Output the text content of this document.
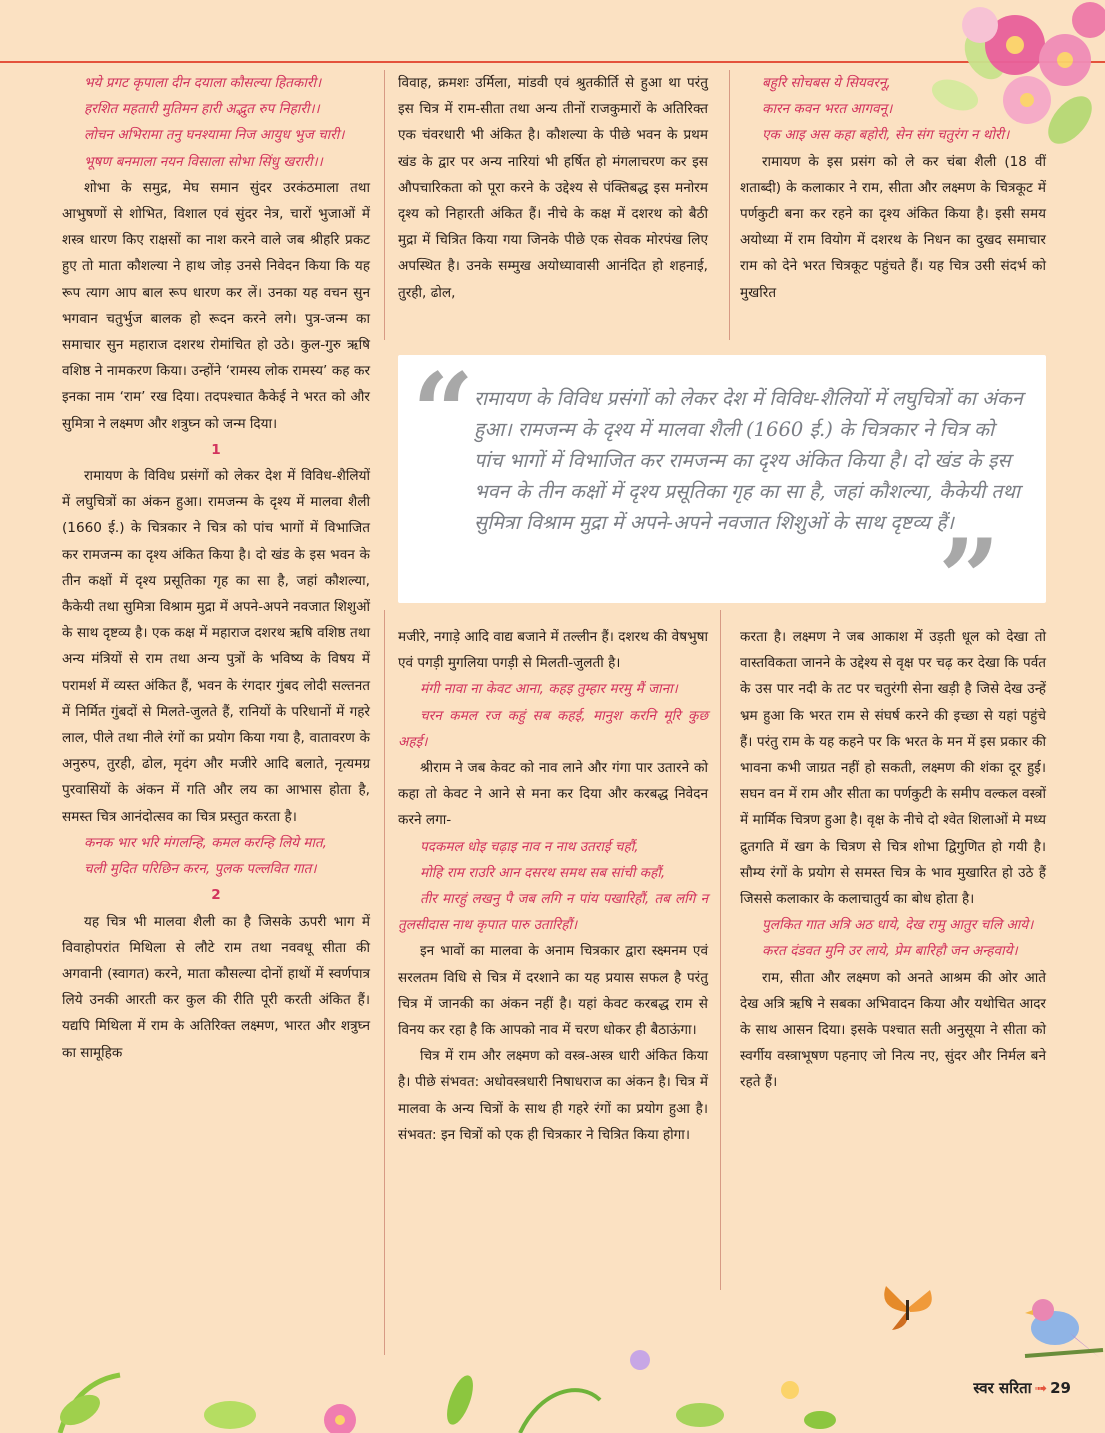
भये प्रगट कृपाला दीन दयाला कौसल्या हितकारी।

हरशित महतारी मुतिमन हारी अद्भुत रुप निहारी।।

लोचन अभिरामा तनु घनश्यामा निज आयुध भुज चारी।

भूषण बनमाला नयन विसाला सोभा सिंधु खरारी।।

शोभा के समुद्र, मेघ समान सुंदर उरकंठमाला तथा आभुषणों से शोभित, विशाल एवं सुंदर नेत्र, चारों भुजाओं में शस्त्र धारण किए राक्षसों का नाश करने वाले जब श्रीहरि प्रकट हुए तो माता कौशल्या ने हाथ जोड़ उनसे निवेदन किया कि यह रूप त्याग आप बाल रूप धारण कर लें। उनका यह वचन सुन भगवान चतुर्भुज बालक हो रूदन करने लगे। पुत्र-जन्म का समाचार सुन महाराज दशरथ रोमांचित हो उठे। कुल-गुरु ऋषि वशिष्ठ ने नामकरण किया। उन्होंने ‘रामस्य लोक रामस्य’ कह कर इनका नाम ‘राम’ रख दिया। तदपश्चात कैकेई ने भरत को और सुमित्रा ने लक्ष्मण और शत्रुघ्न को जन्म दिया।

1

रामायण के विविध प्रसंगों को लेकर देश में विविध-शैलियों में लघुचित्रों का अंकन हुआ। रामजन्म के दृश्य में मालवा शैली (1660 ई.) के चित्रकार ने चित्र को पांच भागों में विभाजित कर रामजन्म का दृश्य अंकित किया है। दो खंड के इस भवन के तीन कक्षों में दृश्य प्रसूतिका गृह का सा है, जहां कौशल्या, कैकेयी तथा सुमित्रा विश्राम मुद्रा में अपने-अपने नवजात शिशुओं के साथ दृष्टव्य है। एक कक्ष में महाराज दशरथ ऋषि वशिष्ठ तथा अन्य मंत्रियों से राम तथा अन्य पुत्रों के भविष्य के विषय में परामर्श में व्यस्त अंकित हैं, भवन के रंगदार गुंबद लोदी सल्तनत में निर्मित गुंबदों से मिलते-जुलते हैं, रानियों के परिधानों में गहरे लाल, पीले तथा नीले रंगों का प्रयोग किया गया है, वातावरण के अनुरुप, तुरही, ढोल, मृदंग और मजीरे आदि बलाते, नृत्यमग्र पुरवासियों के अंकन में गति और लय का आभास होता है, समस्त चित्र आनंदोत्सव का चित्र प्रस्तुत करता है।

कनक भार भरि मंगलन्हि, कमल करन्हि लिये मात,

चली मुदित परिछिन करन, पुलक पल्लवित गात।

2

यह चित्र भी मालवा शैली का है जिसके ऊपरी भाग में विवाहोपरांत मिथिला से लौटे राम तथा नववधू सीता की अगवानी (स्वागत) करने, माता कौसल्या दोनों हाथों में स्वर्णपात्र लिये उनकी आरती कर कुल की रीति पूरी करती अंकित हैं। यद्यपि मिथिला में राम के अतिरिक्त लक्ष्मण, भारत और शत्रुघ्न का सामूहिक

विवाह, क्रमशः उर्मिला, मांडवी एवं श्रुतकीर्ति से हुआ था परंतु इस चित्र में राम-सीता तथा अन्य तीनों राजकुमारों के अतिरिक्त एक चंवरधारी भी अंकित है। कौशल्या के पीछे भवन के प्रथम खंड के द्वार पर अन्य नारियां भी हर्षित हो मंगलाचरण कर इस औपचारिकता को पूरा करने के उद्देश्य से पंक्तिबद्ध इस मनोरम दृश्य को निहारती अंकित हैं। नीचे के कक्ष में दशरथ को बैठी मुद्रा में चित्रित किया गया जिनके पीछे एक सेवक मोरपंख लिए अपस्थित है। उनके सम्मुख अयोध्यावासी आनंदित हो शहनाई, तुरही, ढोल,

बहुरि सोचबस ये सियवरनू,

कारन कवन भरत आगवनू।

एक आइ अस कहा बहोरी, सेन संग चतुरंग न थोरी।

रामायण के इस प्रसंग को ले कर चंबा शैली (18 वीं शताब्दी) के कलाकार ने राम, सीता और लक्ष्मण के चित्रकूट में पर्णकुटी बना कर रहने का दृश्य अंकित किया है। इसी समय अयोध्या में राम वियोग में दशरथ के निधन का दुखद समाचार राम को देने भरत चित्रकूट पहुंचते हैं। यह चित्र उसी संदर्भ को मुखरित

“ रामायण के विविध प्रसंगों को लेकर देश में विविध-शैलियों में लघुचित्रों का अंकन हुआ। रामजन्म के दृश्य में मालवा शैली (1660 ई.) के चित्रकार ने चित्र को पांच भागों में विभाजित कर रामजन्म का दृश्य अंकित किया है। दो खंड के इस भवन के तीन कक्षों में दृश्य प्रसूतिका गृह का सा है, जहां कौशल्या, कैकेयी तथा सुमित्रा विश्राम मुद्रा में अपने-अपने नवजात शिशुओं के साथ दृष्टव्य हैं।
”

मजीरे, नगाड़े आदि वाद्य बजाने में तल्लीन हैं। दशरथ की वेषभुषा एवं पगड़ी मुगलिया पगड़ी से मिलती-जुलती है।

मंगी नावा ना केवट आना, कहइ तुम्हार मरमु मैं जाना।

चरन कमल रज कहुं सब कहई, मानुश करनि मूरि कुछ अहई।

श्रीराम ने जब केवट को नाव लाने और गंगा पार उतारने को कहा तो केवट ने आने से मना कर दिया और करबद्ध निवेदन करने लगा-

पदकमल धोइ चढ़ाइ नाव न नाथ उतराई चहौं,

मोहि राम राउरि आन दसरथ समथ सब सांची कहौं,

तीर मारहुं लखनु पै जब लगि न पांय पखारिहौं, तब लगि न तुलसीदास नाथ कृपात पारु उतारिहौं।

इन भावों का मालवा के अनाम चित्रकार द्वारा स्क्ष्मनम एवं सरलतम विधि से चित्र में दरशाने का यह प्रयास सफल है परंतु चित्र में जानकी का अंकन नहीं है। यहां केवट करबद्ध राम से विनय कर रहा है कि आपको नाव में चरण धोकर ही बैठाऊंगा।

चित्र में राम और लक्ष्मण को वस्त्र-अस्त्र धारी अंकित किया है। पीछे संभवत: अधोवस्त्रधारी निषाधराज का अंकन है। चित्र में मालवा के अन्य चित्रों के साथ ही गहरे रंगों का प्रयोग हुआ है। संभवत: इन चित्रों को एक ही चित्रकार ने चित्रित किया होगा।

करता है। लक्ष्मण ने जब आकाश में उड़ती धूल को देखा तो वास्तविकता जानने के उद्देश्य से वृक्ष पर चढ़ कर देखा कि पर्वत के उस पार नदी के तट पर चतुरंगी सेना खड़ी है जिसे देख उन्हें भ्रम हुआ कि भरत राम से संघर्ष करने की इच्छा से यहां पहुंचे हैं। परंतु राम के यह कहने पर कि भरत के मन में इस प्रकार की भावना कभी जाग्रत नहीं हो सकती, लक्ष्मण की शंका दूर हुई। सघन वन में राम और सीता का पर्णकुटी के समीप वल्कल वस्त्रों में मार्मिक चित्रण हुआ है। वृक्ष के नीचे दो श्वेत शिलाओं मे मध्य द्रुतगति में खग के चित्रण से चित्र शोभा द्विगुणित हो गयी है। सौम्य रंगों के प्रयोग से समस्त चित्र के भाव मुखारित हो उठे हैं जिससे कलाकार के कलाचातुर्य का बोध होता है।

पुलकित गात अत्रि अठ धाये, देख रामु आतुर चलि आये।

करत दंडवत मुनि उर लाये, प्रेम बारिहौ जन अन्हवाये।

राम, सीता और लक्ष्मण को अनते आश्रम की ओर आते देख अत्रि ऋषि ने सबका अभिवादन किया और यथोचित आदर के साथ आसन दिया। इसके पश्चात सती अनुसूया ने सीता को स्वर्गीय वस्त्राभूषण पहनाए जो नित्य नए, सुंदर और निर्मल बने रहते हैं।

स्वर सरिता ➟ 29
